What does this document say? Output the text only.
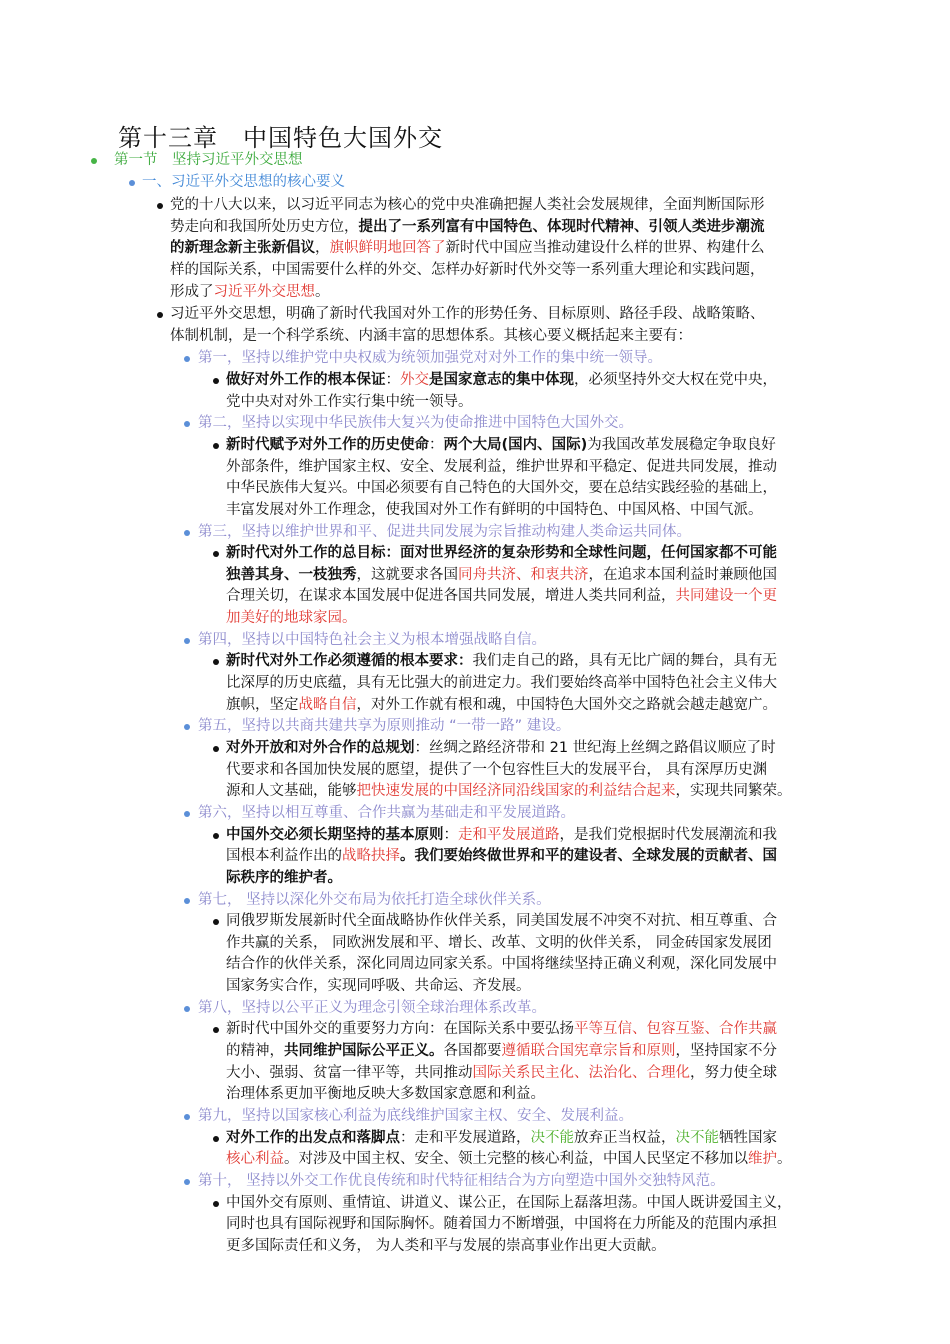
第十三章　中国特色大国外交
第一节　坚持习近平外交思想
一、习近平外交思想的核心要义
党的十八大以来，以习近平同志为核心的党中央准确把握人类社会发展规律，全面判断国际形
势走向和我国所处历史方位，提出了一系列富有中国特色、体现时代精神、引领人类进步潮流
的新理念新主张新倡议，旗帜鲜明地回答了新时代中国应当推动建设什么样的世界、构建什么
样的国际关系，中国需要什么样的外交、怎样办好新时代外交等一系列重大理论和实践问题，
形成了习近平外交思想。
习近平外交思想，明确了新时代我国对外工作的形势任务、目标原则、路径手段、战略策略、
体制机制，是一个科学系统、内涵丰富的思想体系。其核心要义概括起来主要有：
第一，坚持以维护党中央权威为统领加强党对对外工作的集中统一领导。
做好对外工作的根本保证：外交是国家意志的集中体现，必须坚持外交大权在党中央，
党中央对对外工作实行集中统一领导。
第二，坚持以实现中华民族伟大复兴为使命推进中国特色大国外交。
新时代赋予对外工作的历史使命：两个大局(国内、国际)为我国改革发展稳定争取良好
外部条件，维护国家主权、安全、发展利益，维护世界和平稳定、促进共同发展，推动
中华民族伟大复兴。中国必须要有自己特色的大国外交，要在总结实践经验的基础上，
丰富发展对外工作理念，使我国对外工作有鲜明的中国特色、中国风格、中国气派。
第三，坚持以维护世界和平、促进共同发展为宗旨推动构建人类命运共同体。
新时代对外工作的总目标：面对世界经济的复杂形势和全球性问题，任何国家都不可能
独善其身、一枝独秀，这就要求各国同舟共济、和衷共济，在追求本国利益时兼顾他国
合理关切，在谋求本国发展中促进各国共同发展，增进人类共同利益，共同建设一个更
加美好的地球家园。
第四，坚持以中国特色社会主义为根本增强战略自信。
新时代对外工作必须遵循的根本要求：我们走自己的路，具有无比广阔的舞台，具有无
比深厚的历史底蕴，具有无比强大的前进定力。我们要始终高举中国特色社会主义伟大
旗帜，坚定战略自信，对外工作就有根和魂，中国特色大国外交之路就会越走越宽广。
第五，坚持以共商共建共享为原则推动 “一带一路” 建设。
对外开放和对外合作的总规划：丝绸之路经济带和 21 世纪海上丝绸之路倡议顺应了时
代要求和各国加快发展的愿望，提供了一个包容性巨大的发展平台， 具有深厚历史渊
源和人文基础，能够把快速发展的中国经济同沿线国家的利益结合起来，实现共同繁荣。
第六，坚持以相互尊重、合作共赢为基础走和平发展道路。
中国外交必须长期坚持的基本原则：走和平发展道路，是我们党根据时代发展潮流和我
国根本利益作出的战略抉择。我们要始终做世界和平的建设者、全球发展的贡献者、国
际秩序的维护者。
第七， 坚持以深化外交布局为依托打造全球伙伴关系。
同俄罗斯发展新时代全面战略协作伙伴关系，同美国发展不冲突不对抗、相互尊重、合
作共赢的关系， 同欧洲发展和平、增长、改革、文明的伙伴关系， 同金砖国家发展团
结合作的伙伴关系，深化同周边同家关系。中国将继续坚持正确义利观，深化同发展中
国家务实合作，实现同呼吸、共命运、齐发展。
第八，坚持以公平正义为理念引领全球治理体系改革。
新时代中国外交的重要努力方向：在国际关系中要弘扬平等互信、包容互鉴、合作共赢
的精神，共同维护国际公平正义。各国都要遵循联合国宪章宗旨和原则，坚持国家不分
大小、强弱、贫富一律平等，共同推动国际关系民主化、法治化、合理化，努力使全球
治理体系更加平衡地反映大多数国家意愿和利益。
第九，坚持以国家核心利益为底线维护国家主权、安全、发展利益。
对外工作的出发点和落脚点：走和平发展道路，决不能放弃正当权益，决不能牺牲国家
核心利益。对涉及中国主权、安全、领土完整的核心利益，中国人民坚定不移加以维护。
第十， 坚持以外交工作优良传统和时代特征相结合为方向塑造中国外交独特风范。
中国外交有原则、重情谊、讲道义、谋公正，在国际上磊落坦荡。中国人既讲爱国主义，
同时也具有国际视野和国际胸怀。随着国力不断增强，中国将在力所能及的范围内承担
更多国际责任和义务， 为人类和平与发展的崇高事业作出更大贡献。
